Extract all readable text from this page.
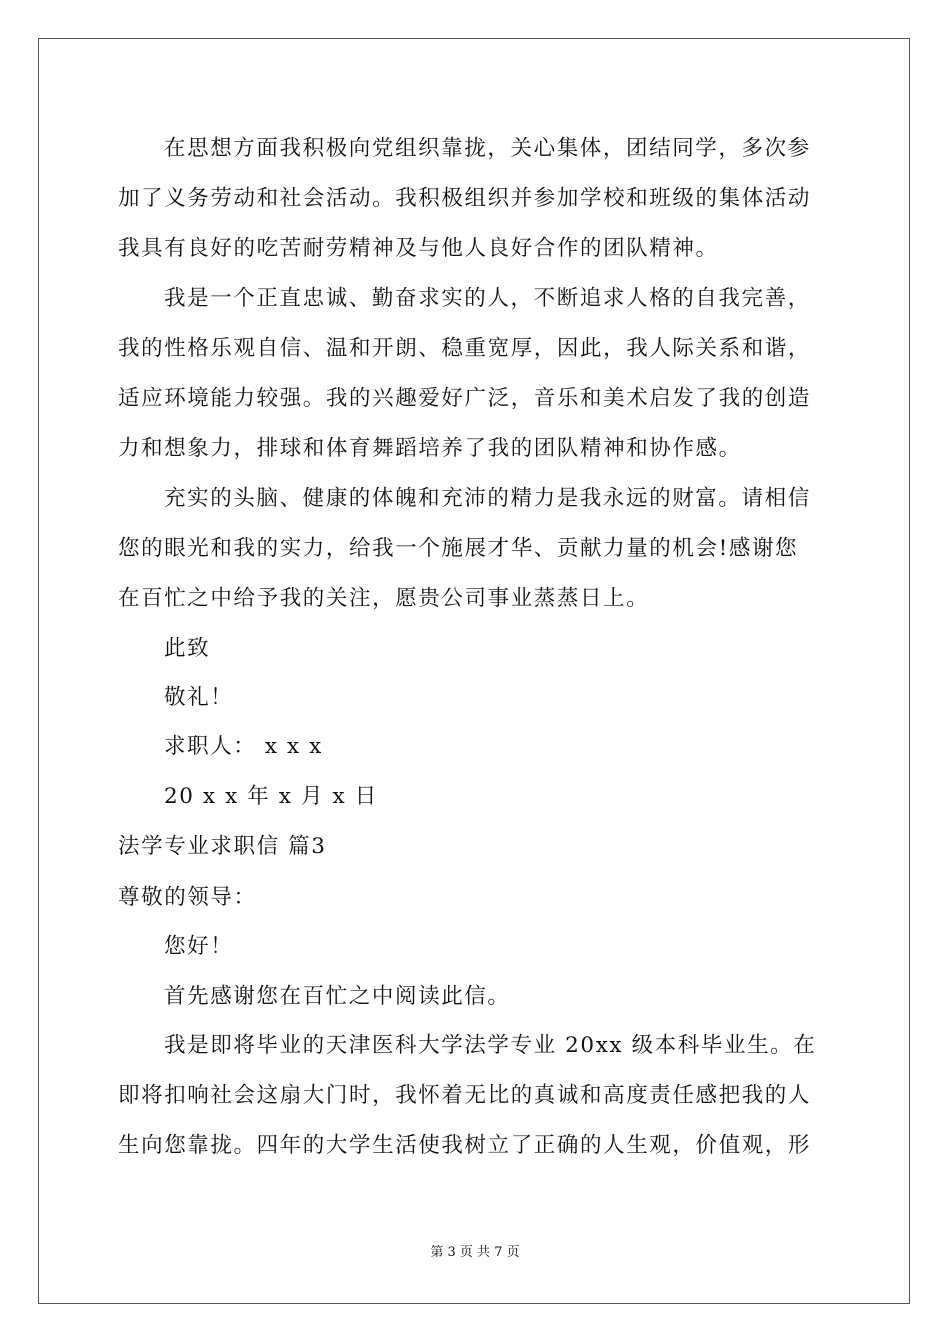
在思想方面我积极向党组织靠拢，关心集体，团结同学，多次参
加了义务劳动和社会活动。我积极组织并参加学校和班级的集体活动
我具有良好的吃苦耐劳精神及与他人良好合作的团队精神。
我是一个正直忠诚、勤奋求实的人，不断追求人格的自我完善，
我的性格乐观自信、温和开朗、稳重宽厚，因此，我人际关系和谐，
适应环境能力较强。我的兴趣爱好广泛，音乐和美术启发了我的创造
力和想象力，排球和体育舞蹈培养了我的团队精神和协作感。
充实的头脑、健康的体魄和充沛的精力是我永远的财富。请相信
您的眼光和我的实力，给我一个施展才华、贡献力量的机会!感谢您
在百忙之中给予我的关注，愿贵公司事业蒸蒸日上。
此致
敬礼！
求职人： x x x
20 x x 年 x 月 x 日
法学专业求职信 篇3
尊敬的领导：
您好！
首先感谢您在百忙之中阅读此信。
我是即将毕业的天津医科大学法学专业 20xx 级本科毕业生。在
即将扣响社会这扇大门时，我怀着无比的真诚和高度责任感把我的人
生向您靠拢。四年的大学生活使我树立了正确的人生观，价值观，形
第 3 页 共 7 页
